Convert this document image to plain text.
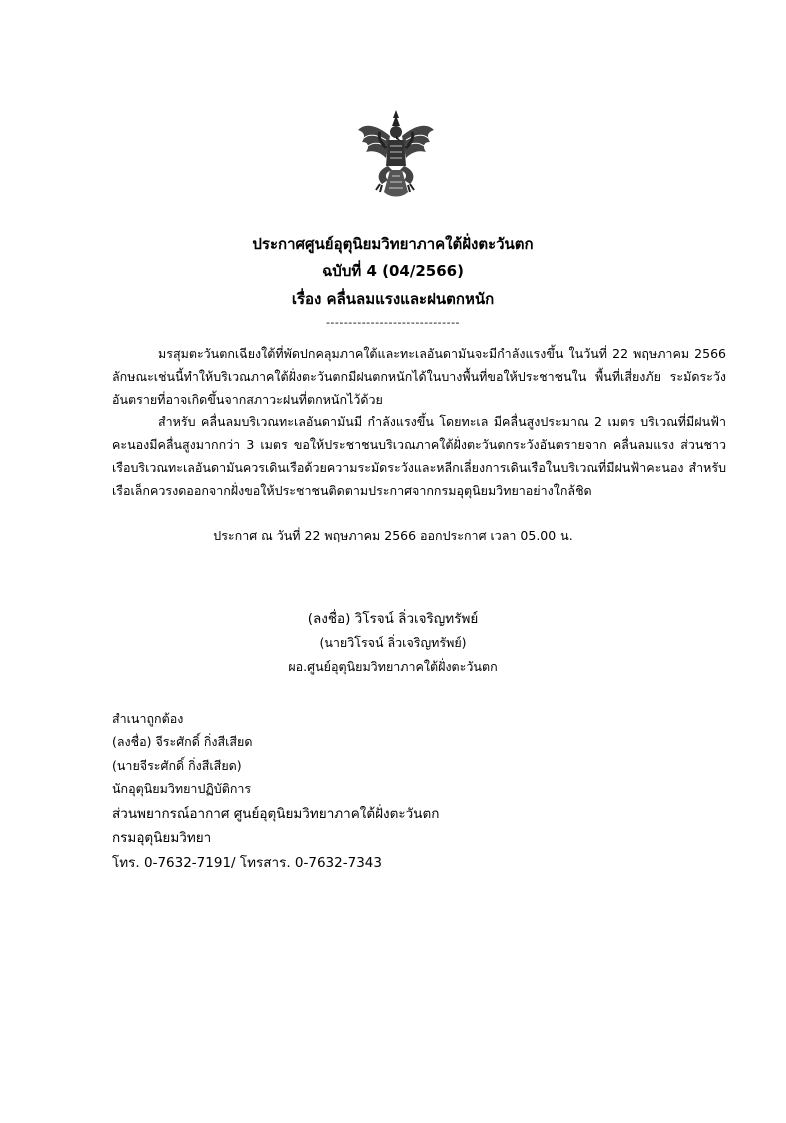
ประกาศศูนย์อุตุนิยมวิทยาภาคใต้ฝั่งตะวันตก
ฉบับที่ 4 (04/2566)
เรื่อง คลื่นลมแรงและฝนตกหนัก
------------------------------
มรสุมตะวันตกเฉียงใต้ที่พัดปกคลุมภาคใต้และทะเลอันดามันจะมีกำลังแรงขึ้น ในวันที่ 22 พฤษภาคม 2566 ลักษณะเช่นนี้ทำให้บริเวณภาคใต้ฝั่งตะวันตกมีฝนตกหนักได้ในบางพื้นที่ขอให้ประชาชนใน พื้นที่เสี่ยงภัย ระมัดระวังอันตรายที่อาจเกิดขึ้นจากสภาวะฝนที่ตกหนักไว้ด้วย
สำหรับ คลื่นลมบริเวณทะเลอันดามันมี กำลังแรงขึ้น โดยทะเล มีคลื่นสูงประมาณ 2 เมตร บริเวณที่มีฝนฟ้าคะนองมีคลื่นสูงมากกว่า 3 เมตร ขอให้ประชาชนบริเวณภาคใต้ฝั่งตะวันตกระวังอันตรายจาก คลื่นลมแรง ส่วนชาวเรือบริเวณทะเลอันดามันควรเดินเรือด้วยความระมัดระวังและหลีกเลี่ยงการเดินเรือในบริเวณที่มีฝนฟ้าคะนอง สำหรับเรือเล็กควรงดออกจากฝั่งขอให้ประชาชนติดตามประกาศจากกรมอุตุนิยมวิทยาอย่างใกล้ชิด
ประกาศ ณ วันที่ 22 พฤษภาคม 2566 ออกประกาศ เวลา 05.00 น.
(ลงชื่อ) วิโรจน์ ลิ่วเจริญทรัพย์
(นายวิโรจน์ ลิ่วเจริญทรัพย์)
ผอ.ศูนย์อุตุนิยมวิทยาภาคใต้ฝั่งตะวันตก
สำเนาถูกต้อง
(ลงชื่อ) จีระศักดิ์ กิ่งสีเสียด
(นายจีระศักดิ์ กิ่งสีเสียด)
นักอุตุนิยมวิทยาปฏิบัติการ
ส่วนพยากรณ์อากาศ ศูนย์อุตุนิยมวิทยาภาคใต้ฝั่งตะวันตก
กรมอุตุนิยมวิทยา
โทร. 0-7632-7191/ โทรสาร. 0-7632-7343
